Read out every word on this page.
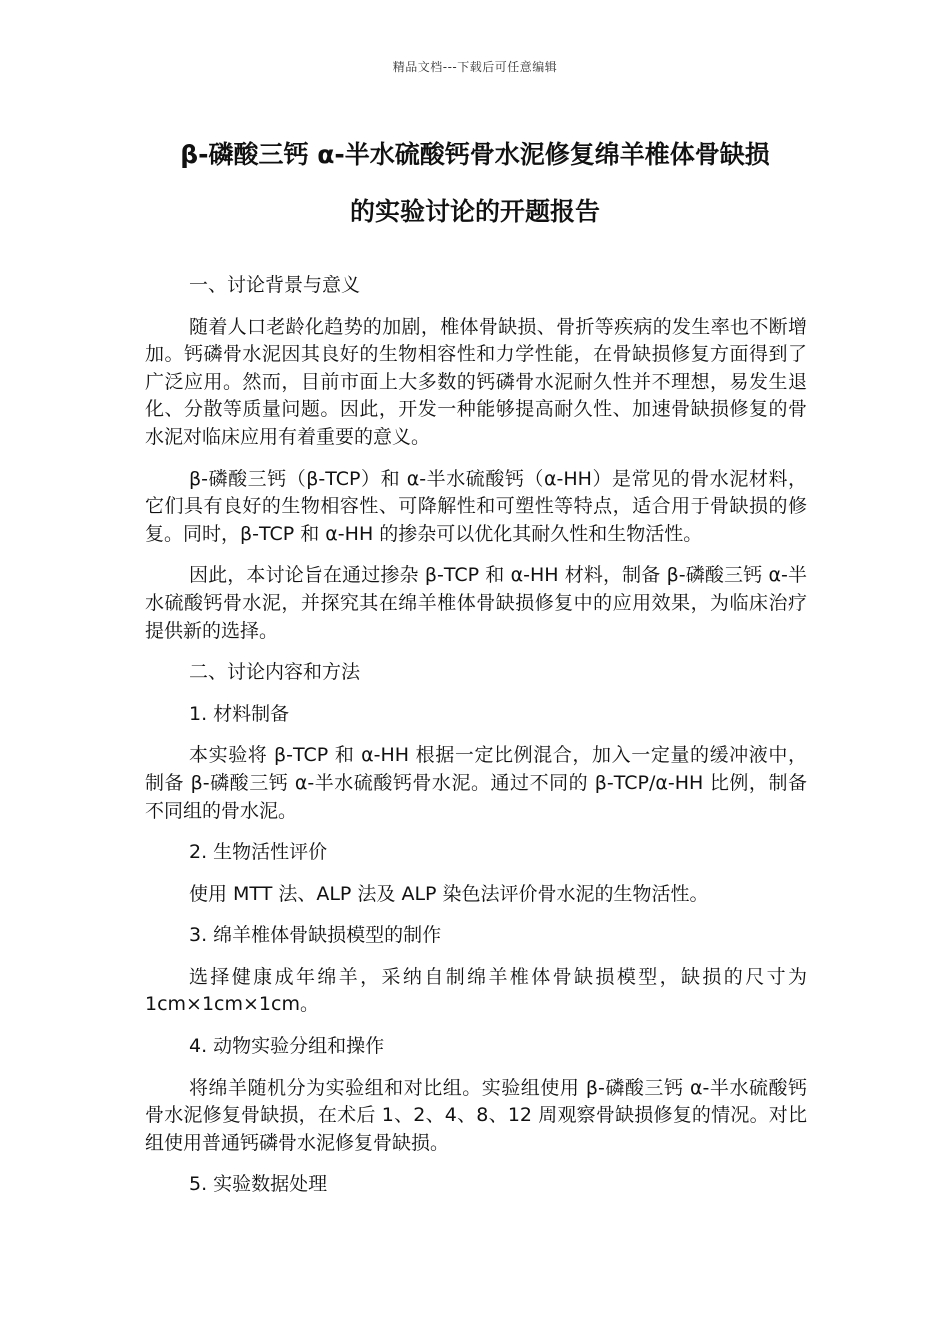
精品文档---下载后可任意编辑
β-磷酸三钙 α-半水硫酸钙骨水泥修复绵羊椎体骨缺损
的实验讨论的开题报告

一、讨论背景与意义

随着人口老龄化趋势的加剧，椎体骨缺损、骨折等疾病的发生率也不断增加。钙磷骨水泥因其良好的生物相容性和力学性能，在骨缺损修复方面得到了广泛应用。然而，目前市面上大多数的钙磷骨水泥耐久性并不理想，易发生退化、分散等质量问题。因此，开发一种能够提高耐久性、加速骨缺损修复的骨水泥对临床应用有着重要的意义。

β-磷酸三钙（β-TCP）和 α-半水硫酸钙（α-HH）是常见的骨水泥材料，它们具有良好的生物相容性、可降解性和可塑性等特点，适合用于骨缺损的修复。同时，β-TCP 和 α-HH 的掺杂可以优化其耐久性和生物活性。

因此，本讨论旨在通过掺杂 β-TCP 和 α-HH 材料，制备 β-磷酸三钙 α-半水硫酸钙骨水泥，并探究其在绵羊椎体骨缺损修复中的应用效果，为临床治疗提供新的选择。

二、讨论内容和方法

1. 材料制备

本实验将 β-TCP 和 α-HH 根据一定比例混合，加入一定量的缓冲液中，制备 β-磷酸三钙 α-半水硫酸钙骨水泥。通过不同的 β-TCP/α-HH 比例，制备不同组的骨水泥。

2. 生物活性评价

使用 MTT 法、ALP 法及 ALP 染色法评价骨水泥的生物活性。

3. 绵羊椎体骨缺损模型的制作

选择健康成年绵羊，采纳自制绵羊椎体骨缺损模型，缺损的尺寸为 1cm×1cm×1cm。

4. 动物实验分组和操作

将绵羊随机分为实验组和对比组。实验组使用 β-磷酸三钙 α-半水硫酸钙骨水泥修复骨缺损，在术后 1、2、4、8、12 周观察骨缺损修复的情况。对比组使用普通钙磷骨水泥修复骨缺损。

5. 实验数据处理
